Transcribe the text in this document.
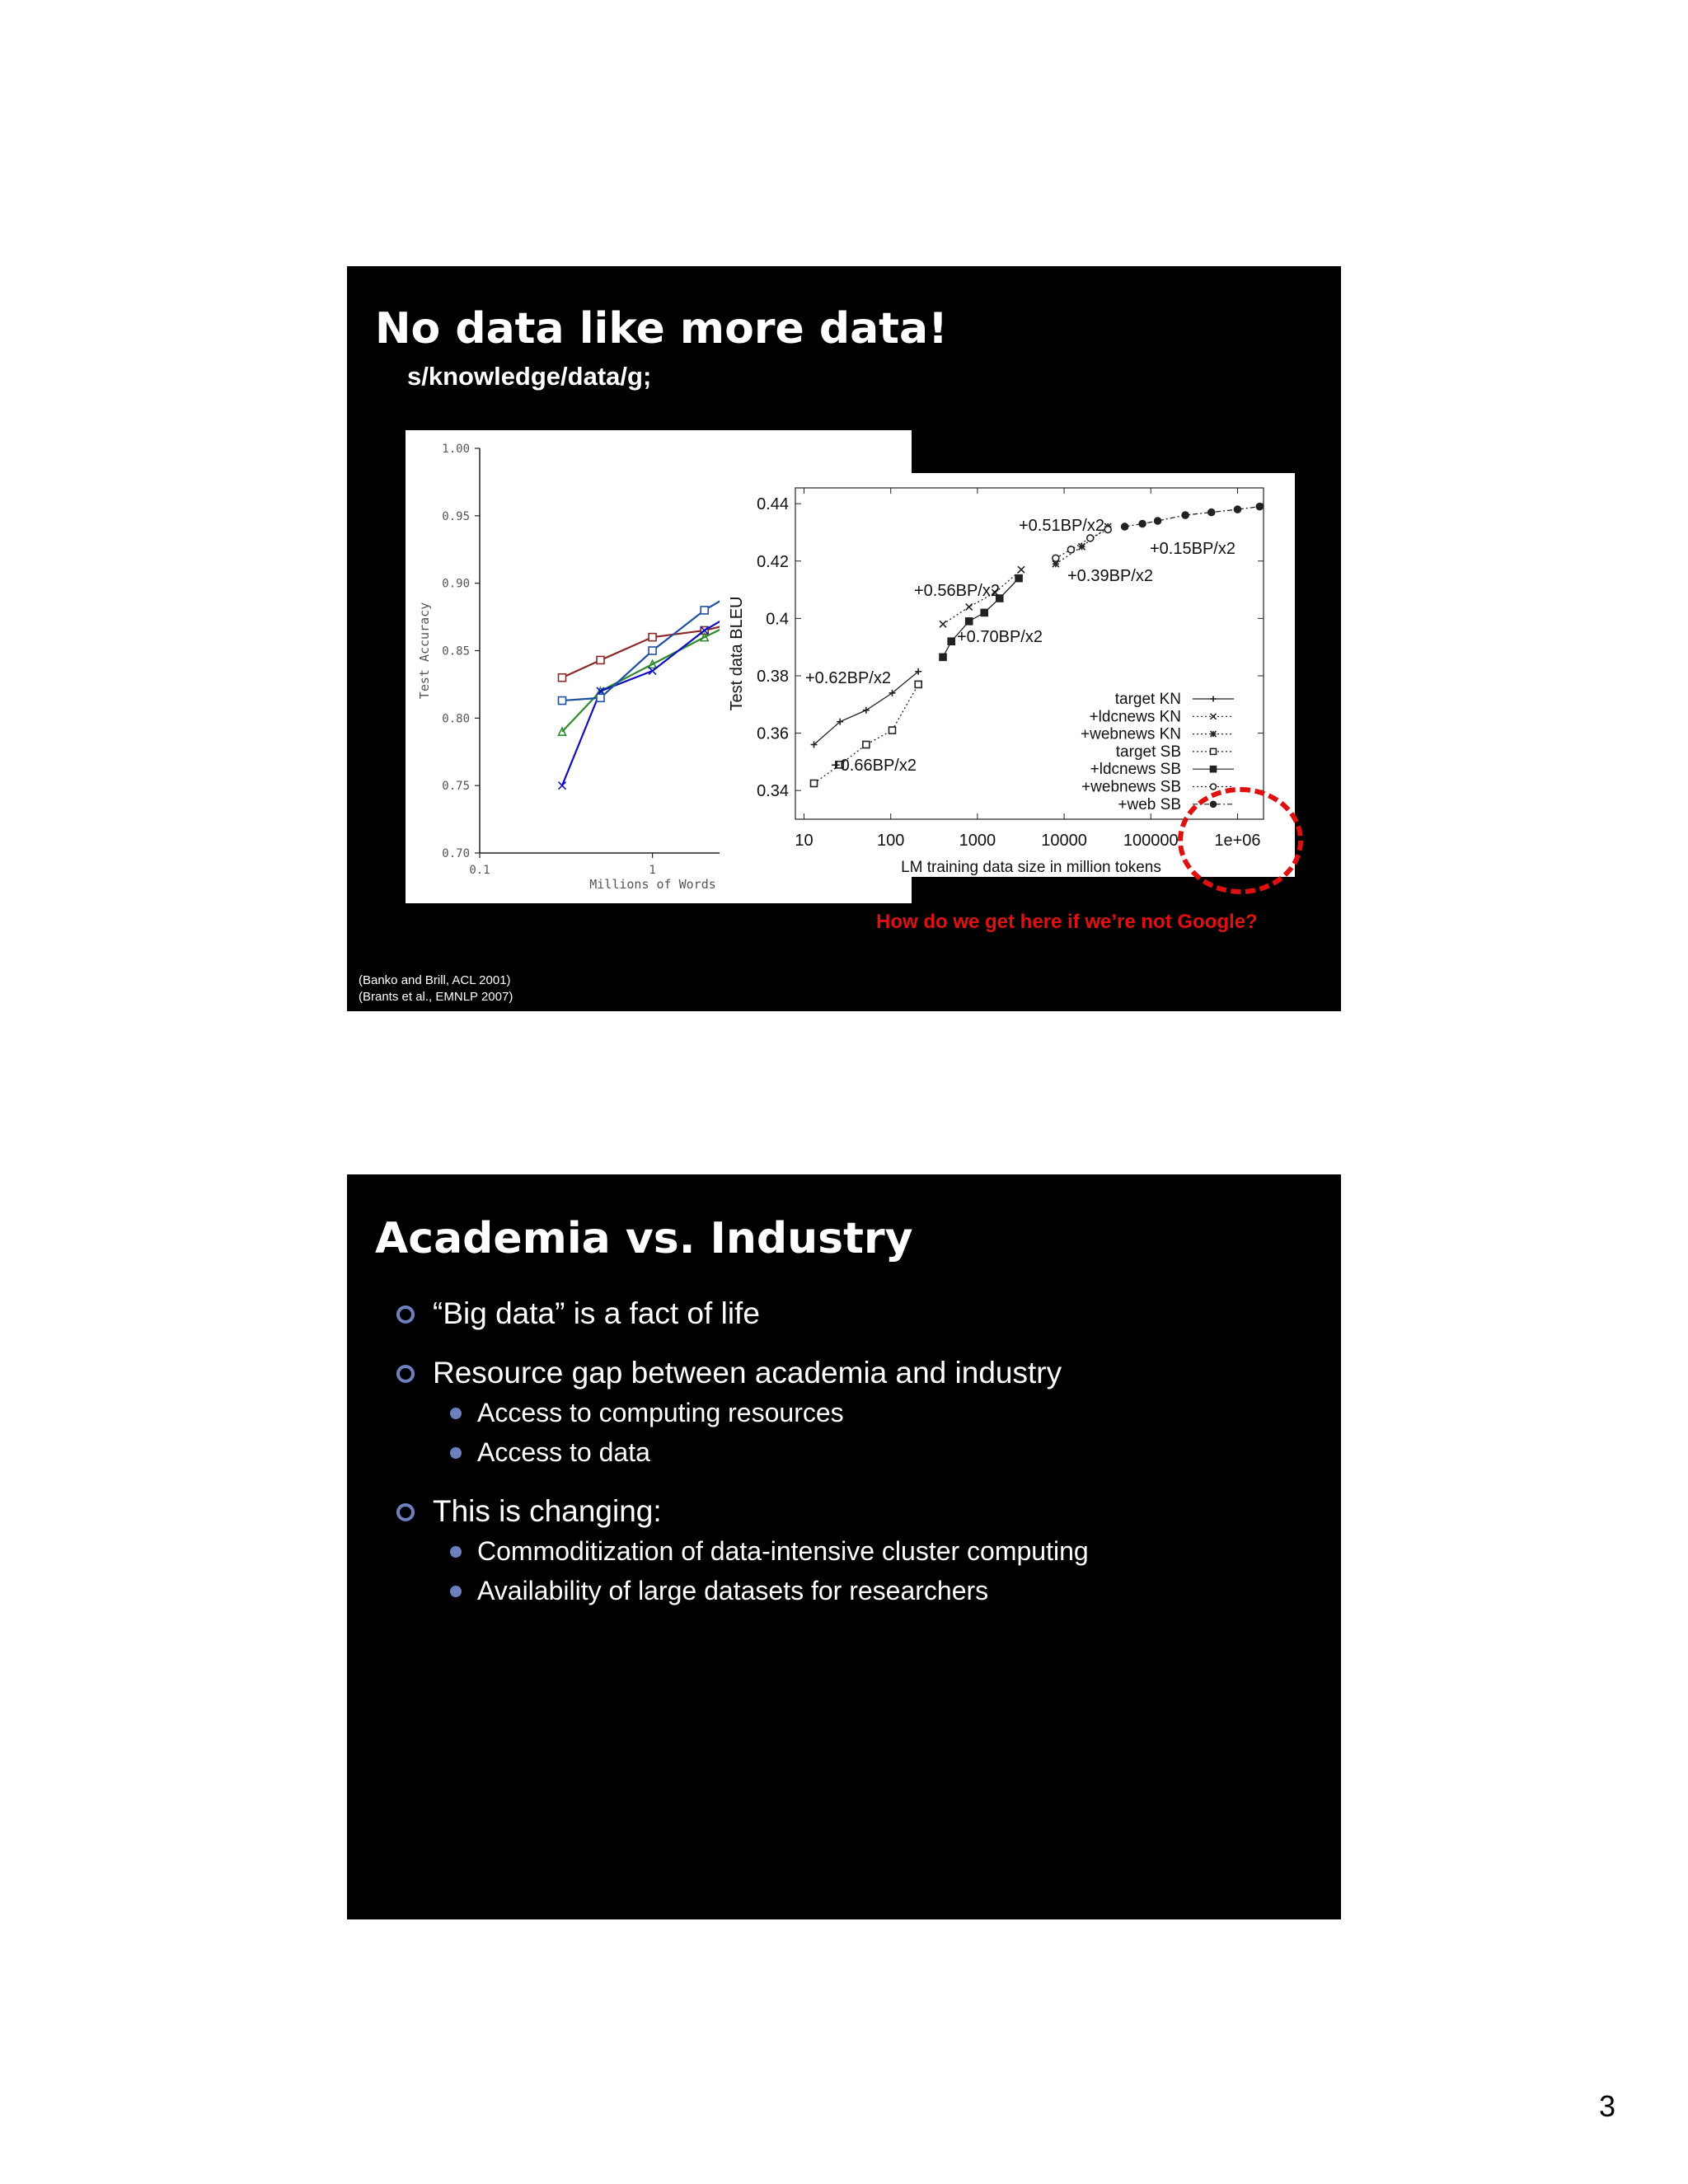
No data like more data!
s/knowledge/data/g;
0.70
0.75
0.80
0.85
0.90
0.95
1.00
0.1	1
Millions of Words
Test Accuracy
0.34
0.36
0.38
0.4
0.42
0.44
10	100	1000	10000 100000 1e+06
LM training data size in million tokens
Test data BLEU
+0.51BP/x2
+0.15BP/x2
+0.39BP/x2
+0.56BP/x2
+0.70BP/x2
+0.62BP/x2
+0.66BP/x2
target KN
+ldcnews KN
+webnews KN
target SB
+ldcnews SB
+webnews SB
+web SB
How do we get here if we’re not Google?
(Banko and Brill, ACL 2001)
(Brants et al., EMNLP 2007)
Academia vs. Industry
“Big data” is a fact of life
Resource gap between academia and industry
Access to computing resources
Access to data
This is changing:
Commoditization of data-intensive cluster computing
Availability of large datasets for researchers
3
